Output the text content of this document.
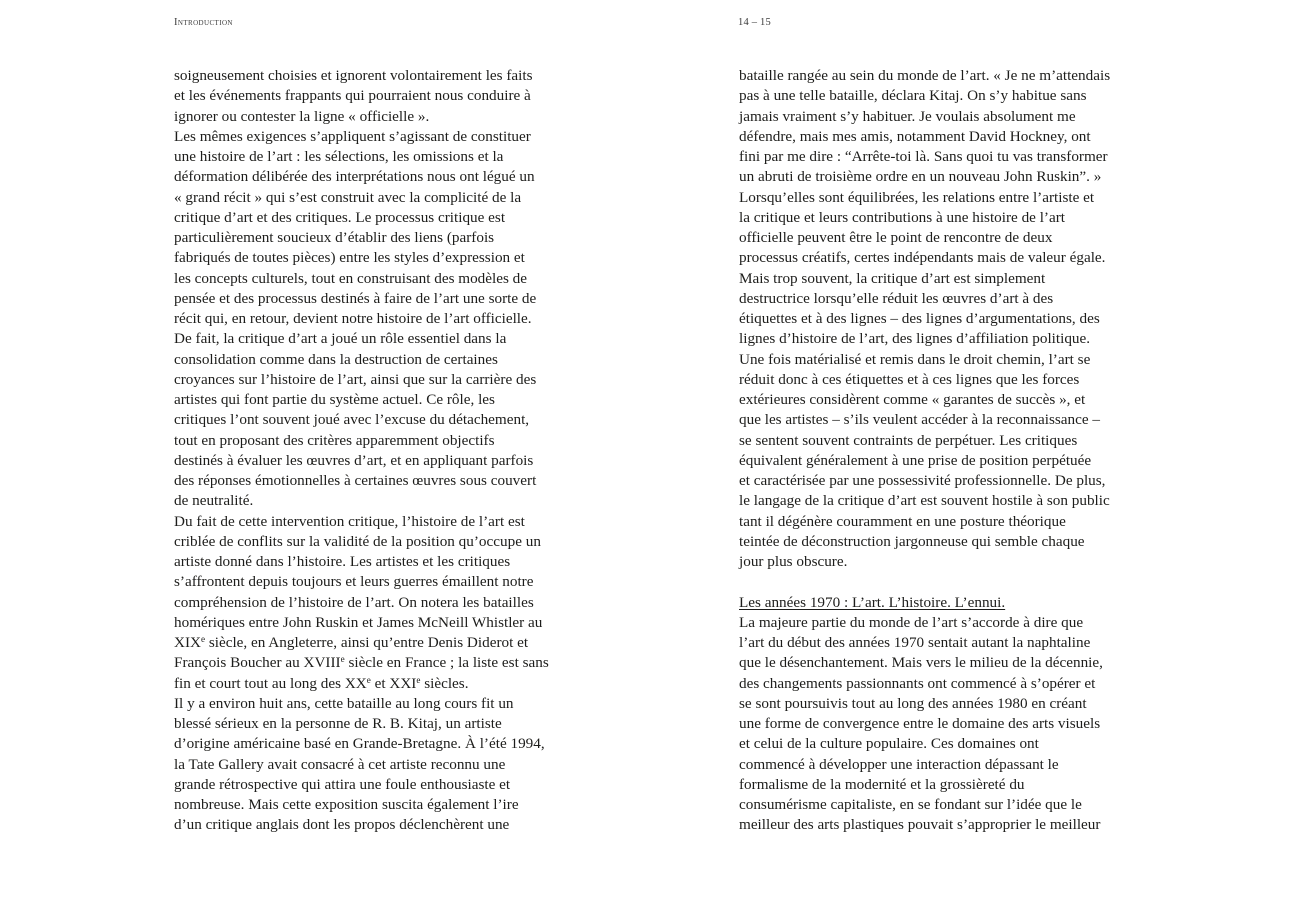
Introduction	14 – 15
soigneusement choisies et ignorent volontairement les faits
et les événements frappants qui pourraient nous conduire à
ignorer ou contester la ligne « officielle ».
Les mêmes exigences s’appliquent s’agissant de constituer
une histoire de l’art : les sélections, les omissions et la
déformation délibérée des interprétations nous ont légué un
« grand récit » qui s’est construit avec la complicité de la
critique d’art et des critiques. Le processus critique est
particulièrement soucieux d’établir des liens (parfois
fabriqués de toutes pièces) entre les styles d’expression et
les concepts culturels, tout en construisant des modèles de
pensée et des processus destinés à faire de l’art une sorte de
récit qui, en retour, devient notre histoire de l’art officielle.
De fait, la critique d’art a joué un rôle essentiel dans la
consolidation comme dans la destruction de certaines
croyances sur l’histoire de l’art, ainsi que sur la carrière des
artistes qui font partie du système actuel. Ce rôle, les
critiques l’ont souvent joué avec l’excuse du détachement,
tout en proposant des critères apparemment objectifs
destinés à évaluer les œuvres d’art, et en appliquant parfois
des réponses émotionnelles à certaines œuvres sous couvert
de neutralité.
Du fait de cette intervention critique, l’histoire de l’art est
criblée de conflits sur la validité de la position qu’occupe un
artiste donné dans l’histoire. Les artistes et les critiques
s’affrontent depuis toujours et leurs guerres émaillent notre
compréhension de l’histoire de l’art. On notera les batailles
homériques entre John Ruskin et James McNeill Whistler au
XIXe siècle, en Angleterre, ainsi qu’entre Denis Diderot et
François Boucher au XVIIIe siècle en France ; la liste est sans
fin et court tout au long des XXe et XXIe siècles.
Il y a environ huit ans, cette bataille au long cours fit un
blessé sérieux en la personne de R. B. Kitaj, un artiste
d’origine américaine basé en Grande-Bretagne. À l’été 1994,
la Tate Gallery avait consacré à cet artiste reconnu une
grande rétrospective qui attira une foule enthousiaste et
nombreuse. Mais cette exposition suscita également l’ire
d’un critique anglais dont les propos déclenchèrent une
bataille rangée au sein du monde de l’art. « Je ne m’attendais
pas à une telle bataille, déclara Kitaj. On s’y habitue sans
jamais vraiment s’y habituer. Je voulais absolument me
défendre, mais mes amis, notamment David Hockney, ont
fini par me dire : “Arrête-toi là. Sans quoi tu vas transformer
un abruti de troisième ordre en un nouveau John Ruskin”. »
Lorsqu’elles sont équilibrées, les relations entre l’artiste et
la critique et leurs contributions à une histoire de l’art
officielle peuvent être le point de rencontre de deux
processus créatifs, certes indépendants mais de valeur égale.
Mais trop souvent, la critique d’art est simplement
destructrice lorsqu’elle réduit les œuvres d’art à des
étiquettes et à des lignes – des lignes d’argumentations, des
lignes d’histoire de l’art, des lignes d’affiliation politique.
Une fois matérialisé et remis dans le droit chemin, l’art se
réduit donc à ces étiquettes et à ces lignes que les forces
extérieures considèrent comme « garantes de succès », et
que les artistes – s’ils veulent accéder à la reconnaissance –
se sentent souvent contraints de perpétuer. Les critiques
équivalent généralement à une prise de position perpétuée
et caractérisée par une possessivité professionnelle. De plus,
le langage de la critique d’art est souvent hostile à son public
tant il dégénère couramment en une posture théorique
teintée de déconstruction jargonneuse qui semble chaque
jour plus obscure.
Les années 1970 : L’art. L’histoire. L’ennui.
La majeure partie du monde de l’art s’accorde à dire que
l’art du début des années 1970 sentait autant la naphtaline
que le désenchantement. Mais vers le milieu de la décennie,
des changements passionnants ont commencé à s’opérer et
se sont poursuivis tout au long des années 1980 en créant
une forme de convergence entre le domaine des arts visuels
et celui de la culture populaire. Ces domaines ont
commencé à développer une interaction dépassant le
formalisme de la modernité et la grossièreté du
consumérisme capitaliste, en se fondant sur l’idée que le
meilleur des arts plastiques pouvait s’approprier le meilleur
